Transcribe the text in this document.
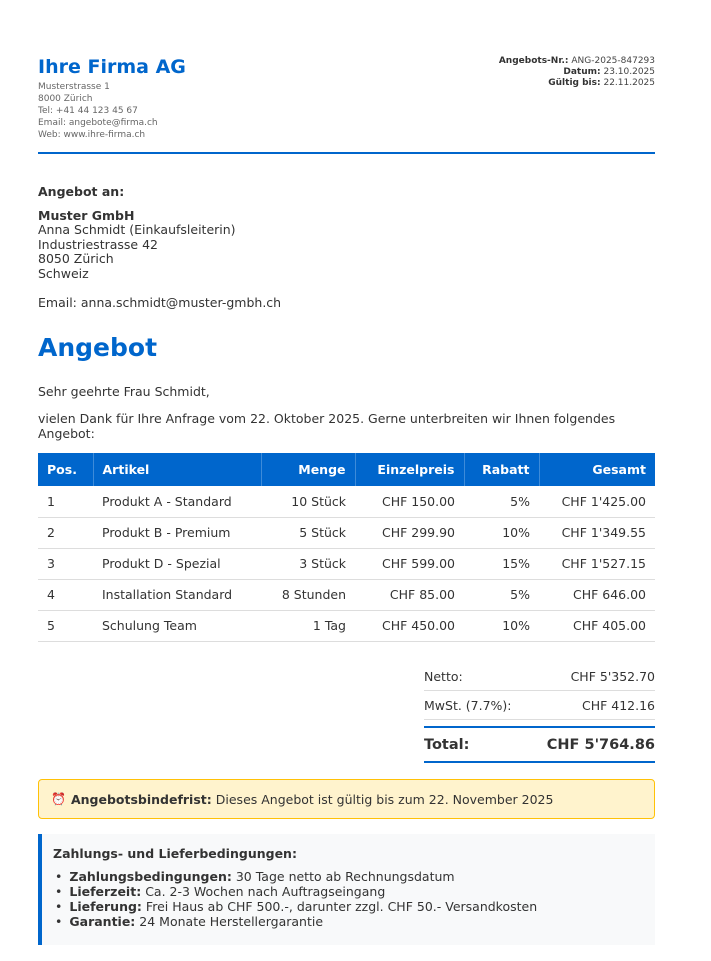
Ihre Firma AG
Musterstrasse 1
8000 Zürich
Tel: +41 44 123 45 67
Email: angebote@firma.ch
Web: www.ihre-firma.ch
Angebots-Nr.: ANG-2025-847293
Datum: 23.10.2025
Gültig bis: 22.11.2025
Angebot an:
Muster GmbH
Anna Schmidt (Einkaufsleiterin)
Industriestrasse 42
8050 Zürich
Schweiz
Email: anna.schmidt@muster-gmbh.ch
Angebot
Sehr geehrte Frau Schmidt,
vielen Dank für Ihre Anfrage vom 22. Oktober 2025. Gerne unterbreiten wir Ihnen folgendes Angebot:
Pos.	Artikel	Menge	Einzelpreis	Rabatt	Gesamt
1	Produkt A - Standard	10 Stück	CHF 150.00	5%	CHF 1'425.00
2	Produkt B - Premium	5 Stück	CHF 299.90	10%	CHF 1'349.55
3	Produkt D - Spezial	3 Stück	CHF 599.00	15%	CHF 1'527.15
4	Installation Standard	8 Stunden	CHF 85.00	5%	CHF 646.00
5	Schulung Team	1 Tag	CHF 450.00	10%	CHF 405.00
Netto:	CHF 5'352.70
MwSt. (7.7%):	CHF 412.16
Total:	CHF 5'764.86
⏰ Angebotsbindefrist: Dieses Angebot ist gültig bis zum 22. November 2025
Zahlungs- und Lieferbedingungen:
• Zahlungsbedingungen: 30 Tage netto ab Rechnungsdatum
• Lieferzeit: Ca. 2-3 Wochen nach Auftragseingang
• Lieferung: Frei Haus ab CHF 500.-, darunter zzgl. CHF 50.- Versandkosten
• Garantie: 24 Monate Herstellergarantie
